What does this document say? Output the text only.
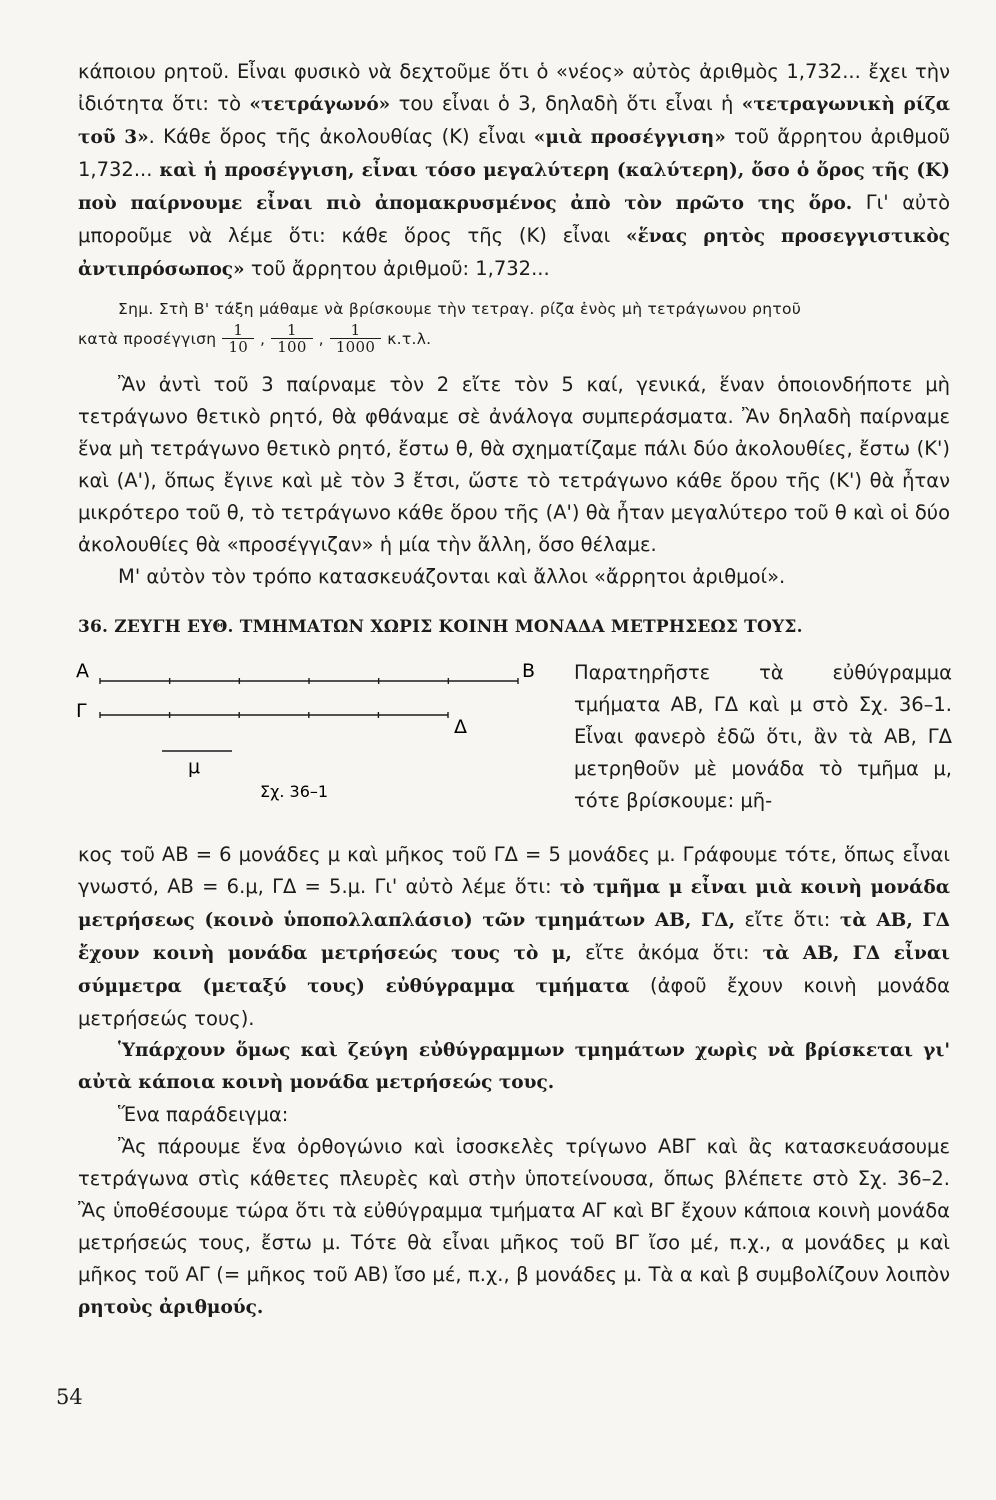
κάποιου ρητοῦ. Εἶναι φυσικὸ νὰ δεχτοῦμε ὅτι ὁ «νέος» αὐτὸς ἀριθμὸς 1,732... ἔχει τὴν ἰδιότητα ὅτι: τὸ «τετράγωνό» του εἶναι ὁ 3, δηλαδὴ ὅτι εἶναι ἡ «τετραγωνικὴ ρίζα τοῦ 3». Κάθε ὅρος τῆς ἀκολουθίας (Κ) εἶναι «μιὰ προσέγγιση» τοῦ ἄρρητου ἀριθμοῦ 1,732... καὶ ἡ προσέγγιση, εἶναι τόσο μεγαλύτερη (καλύτερη), ὅσο ὁ ὅρος τῆς (Κ) ποὺ παίρνουμε εἶναι πιὸ ἀπομακρυσμένος ἀπὸ τὸν πρῶτο της ὅρο. Γι' αὐτὸ μποροῦμε νὰ λέμε ὅτι: κάθε ὅρος τῆς (Κ) εἶναι «ἕνας ρητὸς προσεγγιστικὸς ἀντιπρόσωπος» τοῦ ἄρρητου ἀριθμοῦ: 1,732...

Σημ. Στὴ Β' τάξη μάθαμε νὰ βρίσκουμε τὴν τετραγ. ρίζα ἑνὸς μὴ τετράγωνου ρητοῦ
κατὰ προσέγγιση $\frac{1}{10}$ , $\frac{1}{100}$ , $\frac{1}{1000} \kappa.\tau.\lambda$.

Ἂν ἀντὶ τοῦ 3 παίρναμε τὸν 2 εἴτε τὸν 5 καί, γενικά, ἕναν ὁποιονδήποτε μὴ τετράγωνο θετικὸ ρητό, θὰ φθάναμε σὲ ἀνάλογα συμπεράσματα. Ἂν δηλαδὴ παίρναμε ἕνα μὴ τετράγωνο θετικὸ ρητό, ἔστω θ, θὰ σχηματίζαμε πάλι δύο ἀκολουθίες, ἔστω (Κ') καὶ (Α'), ὅπως ἔγινε καὶ μὲ τὸν 3 ἔτσι, ὥστε τὸ τετράγωνο κάθε ὅρου τῆς (Κ') θὰ ἦταν μικρότερο τοῦ θ, τὸ τετράγωνο κάθε ὅρου τῆς (Α') θὰ ἦταν μεγαλύτερο τοῦ θ καὶ οἱ δύο ἀκολουθίες θὰ «προσέγγιζαν» ἡ μία τὴν ἄλλη, ὅσο θέλαμε.

Μ' αὐτὸν τὸν τρόπο κατασκευάζονται καὶ ἄλλοι «ἄρρητοι ἀριθμοί».

36. ΖΕΥΓΗ ΕΥΘ. ΤΜΗΜΑΤΩΝ ΧΩΡΙΣ ΚΟΙΝΗ ΜΟΝΑΔΑ ΜΕΤΡΗΣΕΩΣ ΤΟΥΣ.
Α	Β
Γ
Δ
μ
Σχ. 36–1

Παρατηρῆστε τὰ εὐθύγραμμα τμήματα ΑΒ, ΓΔ καὶ μ στὸ Σχ. 36–1. Εἶναι φανερὸ ἐδῶ ὅτι, ἂν τὰ ΑΒ, ΓΔ μετρηθοῦν μὲ μονάδα τὸ τμῆμα μ, τότε βρίσκουμε: μῆ-

κος τοῦ ΑΒ = 6 μονάδες μ καὶ μῆκος τοῦ ΓΔ = 5 μονάδες μ. Γράφουμε τότε, ὅπως εἶναι γνωστό, ΑΒ = 6.μ, ΓΔ = 5.μ. Γι' αὐτὸ λέμε ὅτι: τὸ τμῆμα μ εἶναι μιὰ κοινὴ μονάδα μετρήσεως (κοινὸ ὑποπολλαπλάσιο) τῶν τμημάτων ΑΒ, ΓΔ, εἴτε ὅτι: τὰ ΑΒ, ΓΔ ἔχουν κοινὴ μονάδα μετρήσεώς τους τὸ μ, εἴτε ἀκόμα ὅτι: τὰ ΑΒ, ΓΔ εἶναι σύμμετρα (μεταξύ τους) εὐθύγραμμα τμήματα (ἀφοῦ ἔχουν κοινὴ μονάδα μετρήσεώς τους).

Ὑπάρχουν ὅμως καὶ ζεύγη εὐθύγραμμων τμημάτων χωρὶς νὰ βρίσκεται γι' αὐτὰ κάποια κοινὴ μονάδα μετρήσεώς τους.

Ἕνα παράδειγμα:

Ἂς πάρουμε ἕνα ὀρθογώνιο καὶ ἰσοσκελὲς τρίγωνο ΑΒΓ καὶ ἂς κατασκευάσουμε τετράγωνα στὶς κάθετες πλευρὲς καὶ στὴν ὑποτείνουσα, ὅπως βλέπετε στὸ Σχ. 36–2. Ἂς ὑποθέσουμε τώρα ὅτι τὰ εὐθύγραμμα τμήματα ΑΓ καὶ ΒΓ ἔχουν κάποια κοινὴ μονάδα μετρήσεώς τους, ἔστω μ. Τότε θὰ εἶναι μῆκος τοῦ ΒΓ ἴσο μέ, π.χ., α μονάδες μ καὶ μῆκος τοῦ ΑΓ (= μῆκος τοῦ ΑΒ) ἴσο μέ, π.χ., β μονάδες μ. Τὰ α καὶ β συμβολίζουν λοιπὸν ρητοὺς ἀριθμούς.

54
